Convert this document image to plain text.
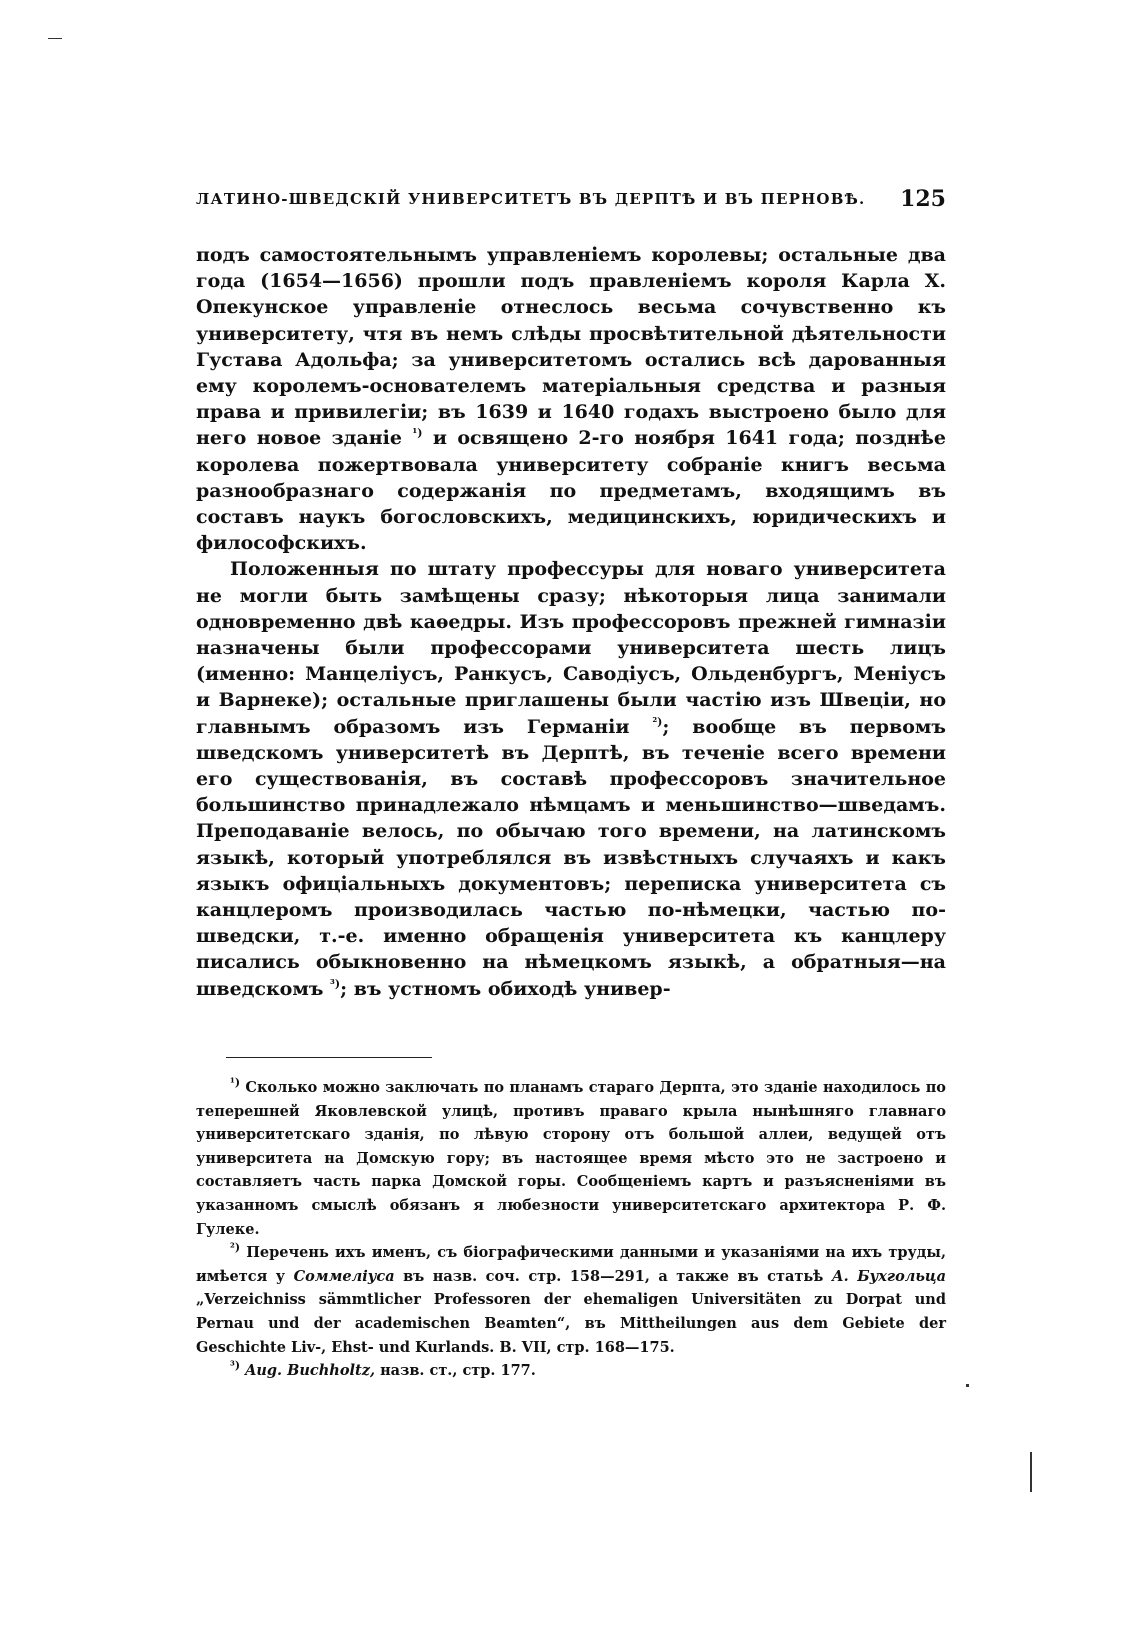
ЛАТИНО-ШВЕДСКІЙ УНИВЕРСИТЕТЪ ВЪ ДЕРПТѢ И ВЪ ПЕРНОВѢ. 125

подъ самостоятельнымъ управленіемъ королевы; остальные два года (1654—1656) прошли подъ правленіемъ короля Карла X. Опекунское управленіе отнеслось весьма сочувственно къ университету, чтя въ немъ слѣды просвѣтительной дѣятельности Густава Адольфа; за университетомъ остались всѣ дарованныя ему королемъ-основателемъ матеріальныя средства и разныя права и привилегіи; въ 1639 и 1640 годахъ выстроено было для него новое зданіе $^{^1)}$ и освящено 2-го ноября 1641 года; позднѣе королева пожертвовала университету собраніе книгъ весьма разнообразнаго содержанія по предметамъ, входящимъ въ составъ наукъ богословскихъ, медицинскихъ, юридическихъ и философскихъ.

Положенныя по штату профессуры для новаго университета не могли быть замѣщены сразу; нѣкоторыя лица занимали одновременно двѣ каѳедры. Изъ профессоровъ прежней гимназіи назначены были профессорами университета шесть лицъ (именно: Манцеліусъ, Ранкусъ, Саводіусъ, Ольденбургъ, Меніусъ и Варнеке); остальные приглашены были частію изъ Швеціи, но главнымъ образомъ изъ Германіи $^{^2)}$; вообще въ первомъ шведскомъ университетѣ въ Дерптѣ, въ теченіе всего времени его существованія, въ составѣ профессоровъ значительное большинство принадлежало нѣмцамъ и меньшинство—шведамъ. Преподаваніе велось, по обычаю того времени, на латинскомъ языкѣ, который употреблялся въ извѣстныхъ случаяхъ и какъ языкъ офиціальныхъ документовъ; переписка университета съ канцлеромъ производилась частью по-нѣмецки, частью по-шведски, т.-е. именно обращенія университета къ канцлеру писались обыкновенно на нѣмецкомъ языкѣ, а обратныя—на шведскомъ $^{^3)}$; въ устномъ обиходѣ универ-

$^{^1)}$ Сколько можно заключать по планамъ стараго Дерпта, это зданіе находилось по теперешней Яковлевской улицѣ, противъ праваго крыла нынѣшняго главнаго университетскаго зданія, по лѣвую сторону отъ большой аллеи, ведущей отъ университета на Домскую гору; въ настоящее время мѣсто это не застроено и составляетъ часть парка Домской горы. Сообщеніемъ картъ и разъясненіями въ указанномъ смыслѣ обязанъ я любезности университетскаго архитектора Р. Ф. Гулеке.

$^{^2)}$ Перечень ихъ именъ, съ біографическими данными и указаніями на ихъ труды, имѣется у Соммеліуса въ назв. соч. стр. 158—291, а также въ статьѣ А. Бухгольца „Verzeichniss sämmtlicher Professoren der ehemaligen Universitäten zu Dorpat und Pernau und der academischen Beamten“, въ Mittheilungen aus dem Gebiete der Geschichte Liv-, Ehst- und Kurlands. B. VII, стр. 168—175.

$^{^3)}$ Aug. Buchholtz, назв. ст., стр. 177.
